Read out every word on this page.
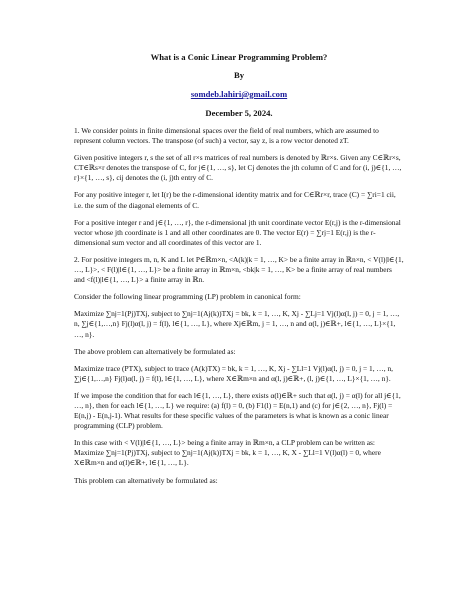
What is a Conic Linear Programming Problem?
By
somdeb.lahiri@gmail.com
December 5, 2024.

1. We consider points in finite dimensional spaces over the field of real numbers, which are assumed to represent column vectors. The transpose (of such) a vector, say z, is a row vector denoted zT.

Given positive integers r, s the set of all r×s matrices of real numbers is denoted by ℝr×s. Given any C∈ℝr×s, CT∈ℝs×r denotes the transpose of C, for j∈{1, …, s}, let Cj denotes the jth column of C and for (i, j)∈{1, …, r}×{1, …, s}, cij denotes the (i, j)th entry of C.

For any positive integer r, let I(r) be the r-dimensional identity matrix and for C∈ℝr×r, trace (C) = ∑ri=1 cii, i.e. the sum of the diagonal elements of C.

For a positive integer r and j∈{1, …, r}, the r-dimensional jth unit coordinate vector E(r,j) is the r-dimensional vector whose jth coordinate is 1 and all other coordinates are 0. The vector E(r) = ∑rj=1 E(r,j) is the r-dimensional sum vector and all coordinates of this vector are 1.

2. For positive integers m, n, K and L let P∈ℝm×n, <A(k)|k = 1, …, K> be a finite array in ℝn×n, < V(l)|l∈{1, …, L}>, < F(l)|l∈{1, …, L}> be a finite array in ℝm×n, <bk|k = 1, …, K> be a finite array of real numbers and <f(l)|l∈{1, …, L}> a finite array in ℝn.

Consider the following linear programming (LP) problem in canonical form:

Maximize ∑nj=1(Pj)TXj, subject to ∑nj=1(Aj(k))TXj = bk, k = 1, …, K, Xj - ∑Lj=1 Vj(l)α(l, j) = 0, j = 1, …, n, ∑j∈{1,…,n} Fj(l)α(l, j) = f(l), l∈{1, …, L}, where Xj∈ℝm, j = 1, …, n and α(l, j)∈ℝ+, l∈{1, …, L}×{1, …, n}.

The above problem can alternatively be formulated as:

Maximize trace (PTX), subject to trace (A(k)TX) = bk, k = 1, …, K, Xj - ∑Ll=1 Vj(l)α(l, j) = 0, j = 1, …, n, ∑j∈{1,…,n} Fj(l)α(l, j) = f(l), l∈{1, …, L}, where X∈ℝm×n and α(l, j)∈ℝ+, (l, j)∈{1, …, L}×{1, …, n}.

If we impose the condition that for each l∈{1, …, L}, there exists α(l)∈ℝ+ such that α(l, j) = α(l) for all j∈{1, …, n}, then for each l∈{1, …, L} we require: (a) f(l) = 0, (b) F1(l) = E(n,1) and (c) for j∈{2, …, n}, Fj(l) = E(n,j) - E(n,j-1). What results for these specific values of the parameters is what is known as a conic linear programming (CLP) problem.

In this case with < V(l)|l∈{1, …, L}> being a finite array in ℝm×n, a CLP problem can be written as: Maximize ∑nj=1(Pj)TXj, subject to ∑nj=1(Aj(k))TXj = bk, k = 1, …, K, X - ∑Ll=1 V(l)α(l) = 0, where X∈ℝm×n and α(l)∈ℝ+, l∈{1, …, L}.

This problem can alternatively be formulated as:
